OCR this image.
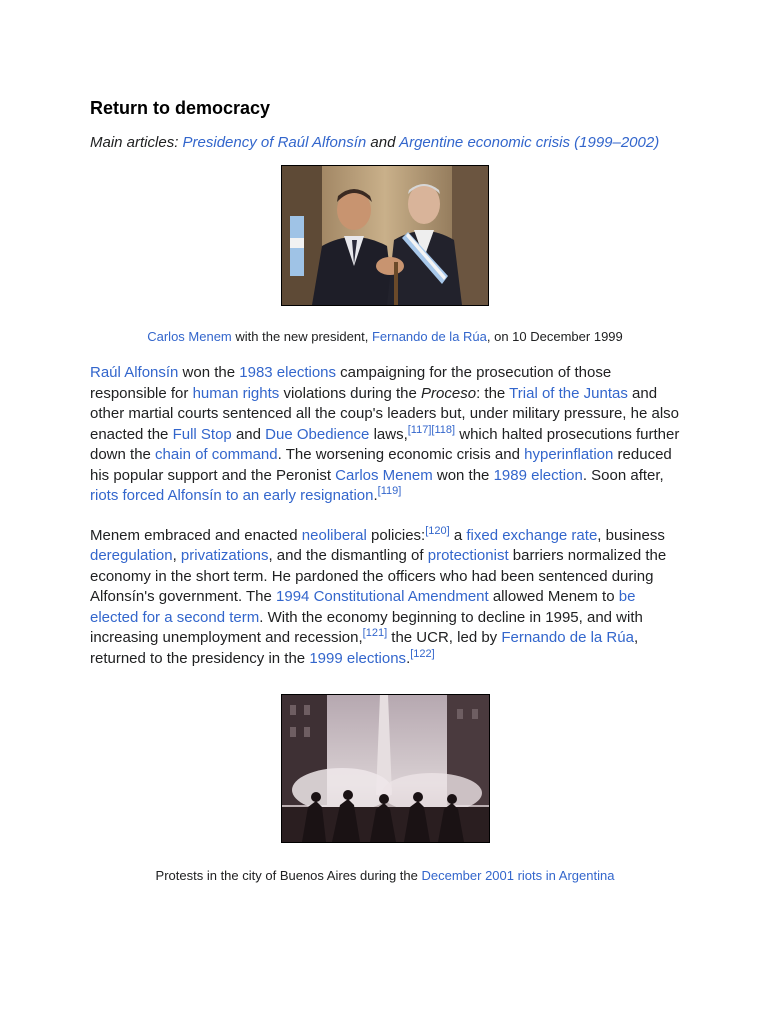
Return to democracy
Main articles: Presidency of Raúl Alfonsín and Argentine economic crisis (1999–2002)
Carlos Menem with the new president, Fernando de la Rúa, on 10 December 1999

Raúl Alfonsín won the 1983 elections campaigning for the prosecution of those responsible for human rights violations during the Proceso: the Trial of the Juntas and other martial courts sentenced all the coup's leaders but, under military pressure, he also enacted the Full Stop and Due Obedience laws,[117][118] which halted prosecutions further down the chain of command. The worsening economic crisis and hyperinflation reduced his popular support and the Peronist Carlos Menem won the 1989 election. Soon after, riots forced Alfonsín to an early resignation.[119]

Menem embraced and enacted neoliberal policies:[120] a fixed exchange rate, business deregulation, privatizations, and the dismantling of protectionist barriers normalized the economy in the short term. He pardoned the officers who had been sentenced during Alfonsín's government. The 1994 Constitutional Amendment allowed Menem to be elected for a second term. With the economy beginning to decline in 1995, and with increasing unemployment and recession,[121] the UCR, led by Fernando de la Rúa, returned to the presidency in the 1999 elections.[122]

Protests in the city of Buenos Aires during the December 2001 riots in Argentina
